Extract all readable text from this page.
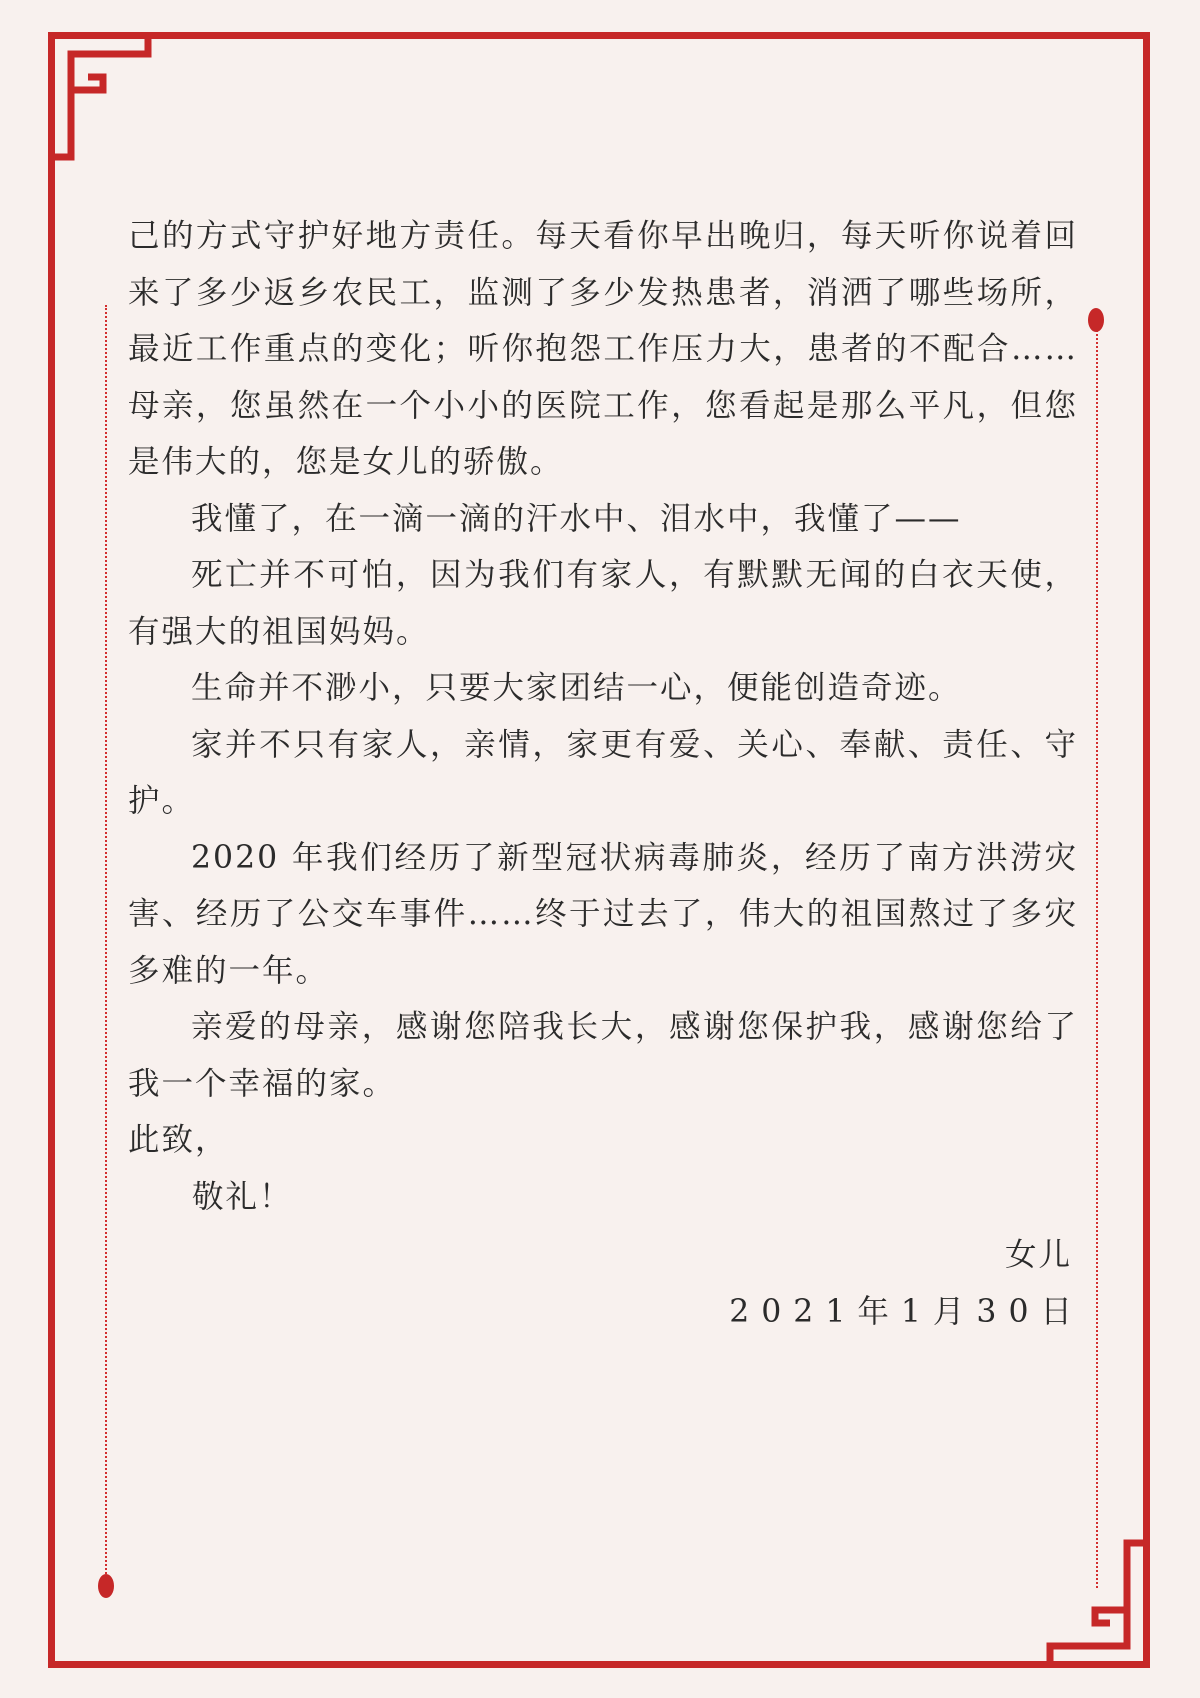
己的方式守护好地方责任。每天看你早出晚归，每天听你说着回来了多少返乡农民工，监测了多少发热患者，消洒了哪些场所，最近工作重点的变化；听你抱怨工作压力大，患者的不配合……母亲，您虽然在一个小小的医院工作，您看起是那么平凡，但您是伟大的，您是女儿的骄傲。

我懂了，在一滴一滴的汗水中、泪水中，我懂了——

死亡并不可怕，因为我们有家人，有默默无闻的白衣天使，有强大的祖国妈妈。

生命并不渺小，只要大家团结一心，便能创造奇迹。

家并不只有家人，亲情，家更有爱、关心、奉献、责任、守护。

2020 年我们经历了新型冠状病毒肺炎，经历了南方洪涝灾害、经历了公交车事件……终于过去了，伟大的祖国熬过了多灾多难的一年。

亲爱的母亲，感谢您陪我长大，感谢您保护我，感谢您给了我一个幸福的家。

此致，

敬礼！

女儿
2021年1月30日
